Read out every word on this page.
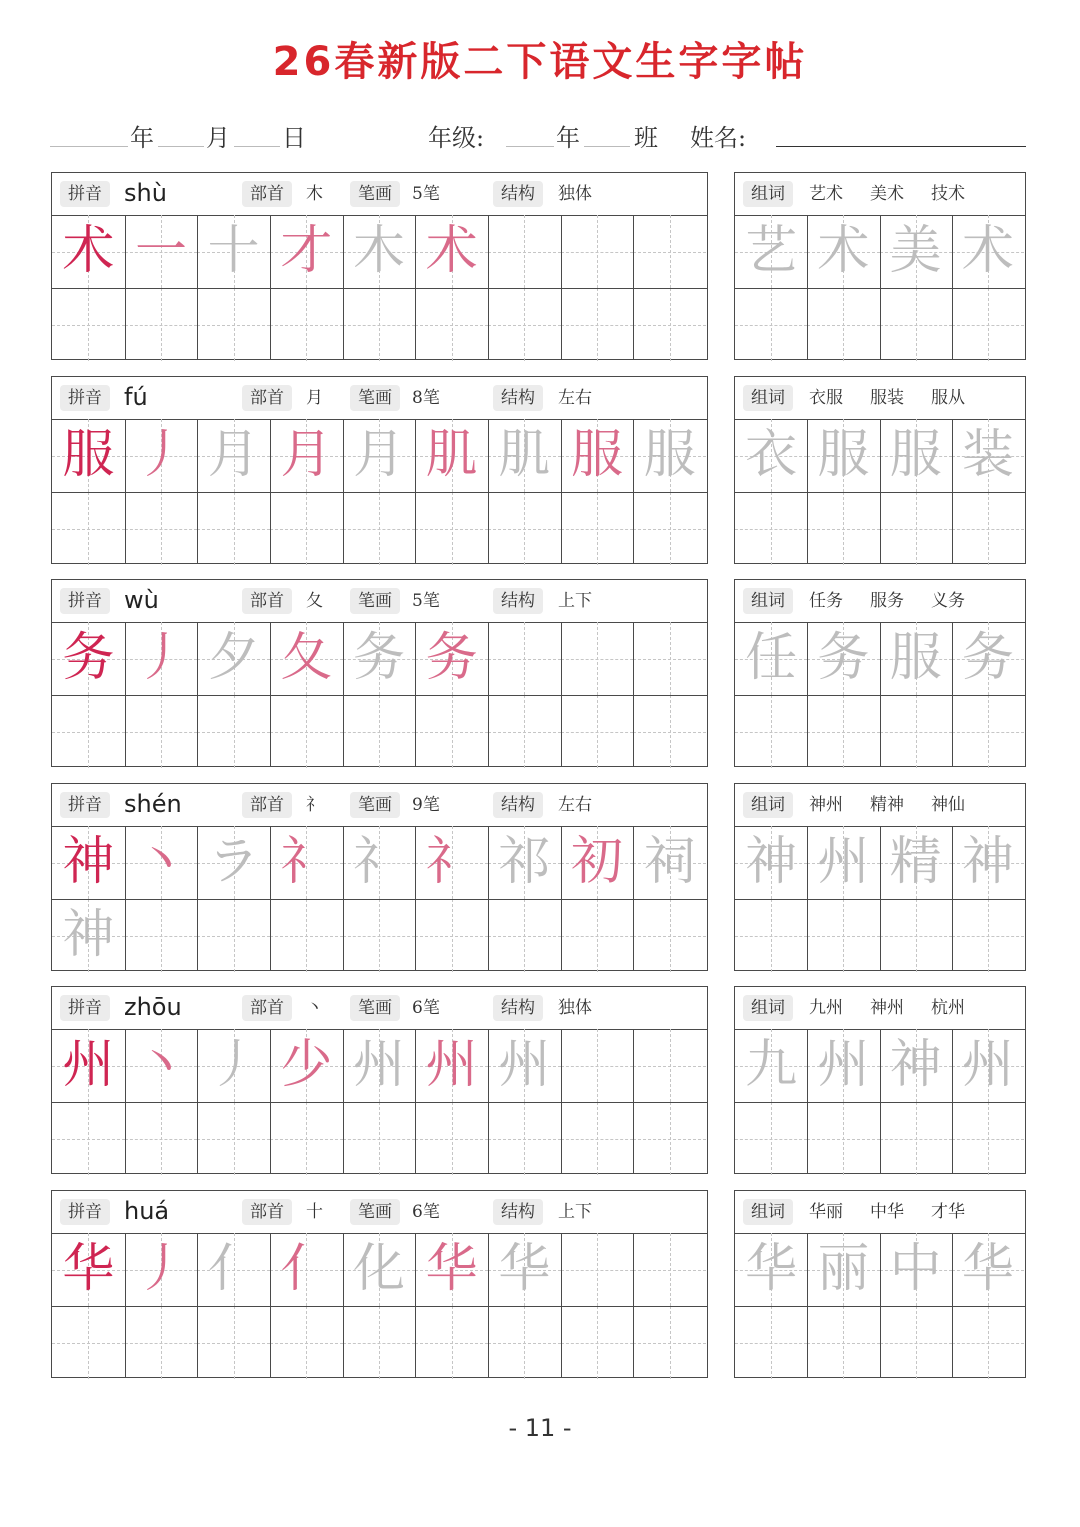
26春新版二下语文生字字帖
年 月 日	年级:	年 班 姓名:
拼音 shù	部首	木	笔画	5笔	结构	独体
术 一 十 才 木 术
组词	艺术 美术 技术
艺 术 美 术
拼音 fú	部首	月	笔画	8笔	结构	左右
服 丿 月 月 月 肌 肌 服 服
组词	衣服 服装 服从
衣 服 服 装
拼音 wù	部首	夂	笔画	5笔	结构	上下
务 丿 夕 夂 务 务
组词	任务 服务 义务
任 务 服 务
拼音 shén	部首	礻	笔画	9笔	结构	左右
神 丶 ラ 礻 礻 礻 祁 初 祠
神
组词	神州 精神 神仙
神 州 精 神
拼音 zhōu	部首	丶	笔画	6笔	结构	独体
州 丶 丿 少 州 州 州
组词	九州 神州 杭州
九 州 神 州
拼音 huá	部首	十	笔画	6笔	结构	上下
华 丿 亻 亻 化 华 华
组词	华丽 中华 才华
华 丽 中 华
- 11 -
